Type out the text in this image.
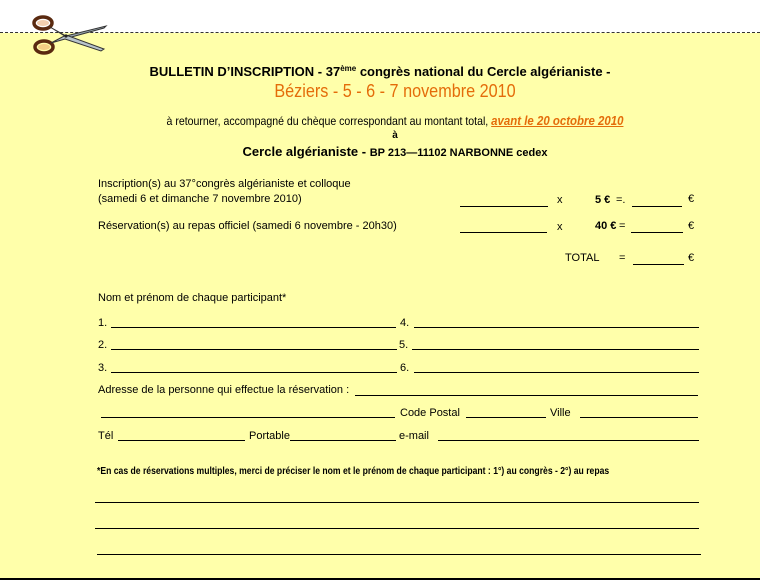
BULLETIN D’INSCRIPTION - 37ème congrès national du Cercle algérianiste -
Béziers - 5 - 6 - 7 novembre 2010
à retourner, accompagné du chèque correspondant au montant total, avant le 20 octobre 2010
à
Cercle algérianiste - BP 213—11102 NARBONNE cedex
Inscription(s) au 37°congrès algérianiste et colloque
(samedi 6 et dimanche 7 novembre 2010)	x	5 € =.	€
Réservation(s) au repas officiel (samedi 6 novembre - 20h30)	x	40 € =	€
TOTAL =	€
Nom et prénom de chaque participant*
1.	4.
2.	5.
3.	6.
Adresse de la personne qui effectue la réservation :
Code Postal	Ville
Tél	Portable	e-mail
*En cas de réservations multiples, merci de préciser le nom et le prénom de chaque participant : 1°) au congrès - 2°) au repas
